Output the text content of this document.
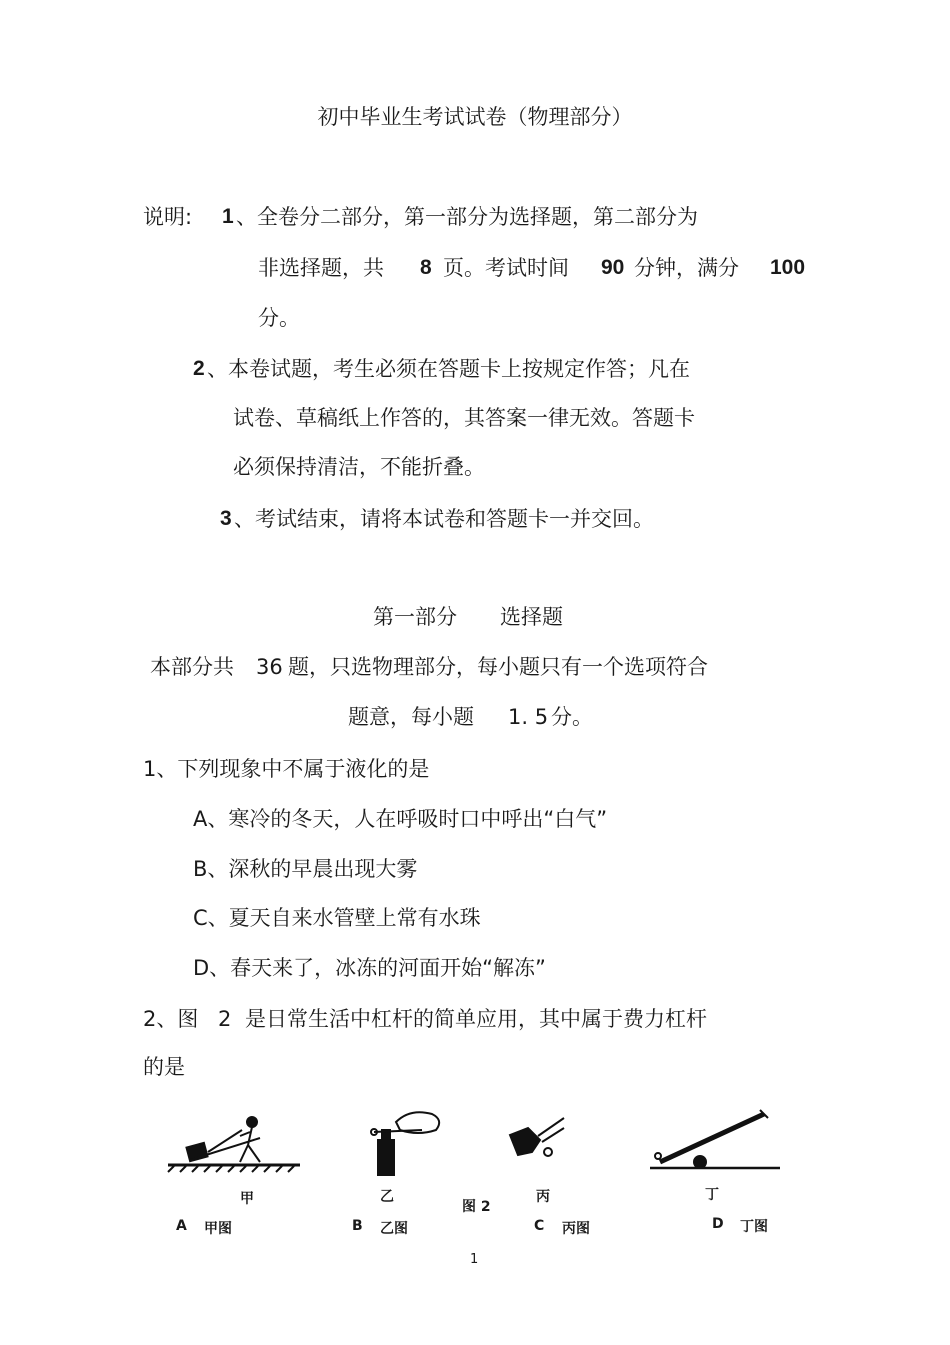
初中毕业生考试试卷（物理部分）
说明: 1 、全卷分二部分，第一部分为选择题，第二部分为
非选择题，共 8 页。考试时间 90 分钟，满分 100
分。
2 、本卷试题，考生必须在答题卡上按规定作答；凡在
试卷、草稿纸上作答的，其答案一律无效。答题卡
必须保持清洁，不能折叠。
3 、考试结束，请将本试卷和答题卡一并交回。
第一部分 选择题
本部分共 36 题，只选物理部分，每小题只有一个选项符合
题意，每小题 1. 5 分。
1、下列现象中不属于液化的是
A、寒冷的冬天，人在呼吸时口中呼出“白气”
B、深秋的早晨出现大雾
C、夏天自来水管壁上常有水珠
D、春天来了，冰冻的河面开始“解冻”
2、图 2 是日常生活中杠杆的简单应用，其中属于费力杠杆
的是
甲	乙	丙	丁
图 2
A 甲图	B 乙图	C 丙图	D 丁图
1
